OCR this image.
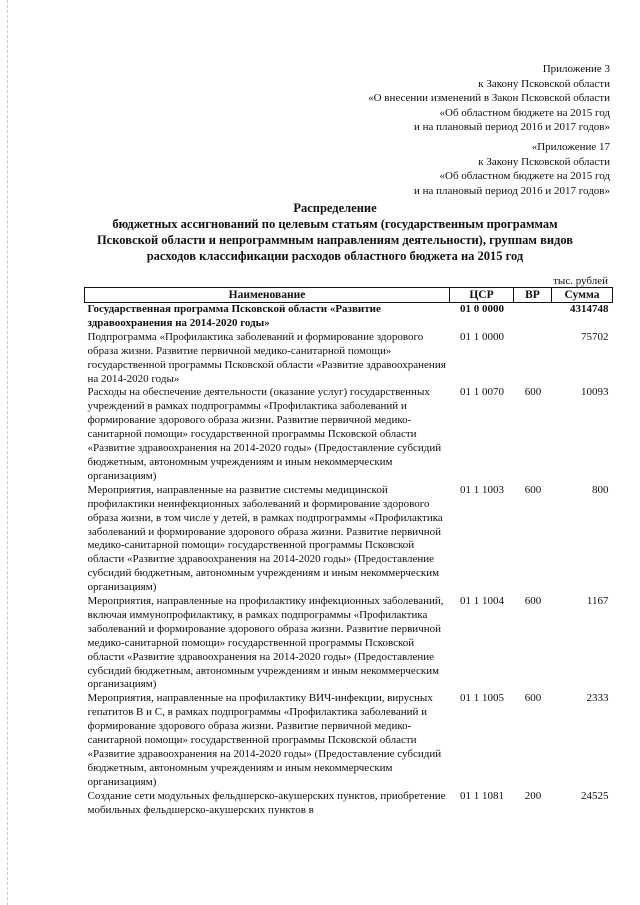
Приложение 3
к Закону Псковской области
«О внесении изменений в Закон Псковской области
«Об областном бюджете на 2015 год
и на плановый период 2016 и 2017 годов»
«Приложение 17
к Закону Псковской области
«Об областном бюджете на 2015 год
и на плановый период 2016 и 2017 годов»
Распределение
бюджетных ассигнований по целевым статьям (государственным программам
Псковской области и непрограммным направлениям деятельности), группам видов
расходов классификации расходов областного бюджета на 2015 год
тыс. рублей
Наименование	ЦСР	ВР	Сумма
Государственная программа Псковской области «Развитие здравоохранения на 2014-2020 годы»	01 0 0000		4314748
Подпрограмма «Профилактика заболеваний и формирование здорового образа жизни. Развитие первичной медико-санитарной помощи» государственной программы Псковской области «Развитие здравоохранения на 2014-2020 годы»	01 1 0000		75702
Расходы на обеспечение деятельности (оказание услуг) государственных учреждений в рамках подпрограммы «Профилактика заболеваний и формирование здорового образа жизни. Развитие первичной медико-санитарной помощи» государственной программы Псковской области «Развитие здравоохранения на 2014-2020 годы» (Предоставление субсидий бюджетным, автономным учреждениям и иным некоммерческим организациям)	01 1 0070	600	10093
Мероприятия, направленные на развитие системы медицинской профилактики неинфекционных заболеваний и формирование здорового образа жизни, в том числе у детей, в рамках подпрограммы «Профилактика заболеваний и формирование здорового образа жизни. Развитие первичной медико-санитарной помощи» государственной программы Псковской области «Развитие здравоохранения на 2014-2020 годы» (Предоставление субсидий бюджетным, автономным учреждениям и иным некоммерческим организациям)	01 1 1003	600	800
Мероприятия, направленные на профилактику инфекционных заболеваний, включая иммунопрофилактику, в рамках подпрограммы «Профилактика заболеваний и формирование здорового образа жизни. Развитие первичной медико-санитарной помощи» государственной программы Псковской области «Развитие здравоохранения на 2014-2020 годы» (Предоставление субсидий бюджетным, автономным учреждениям и иным некоммерческим организациям)	01 1 1004	600	1167
Мероприятия, направленные на профилактику ВИЧ-инфекции, вирусных гепатитов В и С, в рамках подпрограммы «Профилактика заболеваний и формирование здорового образа жизни. Развитие первичной медико-санитарной помощи» государственной программы Псковской области «Развитие здравоохранения на 2014-2020 годы» (Предоставление субсидий бюджетным, автономным учреждениям и иным некоммерческим организациям)	01 1 1005	600	2333
Создание сети модульных фельдшерско-акушерских пунктов, приобретение мобильных фельдшерско-акушерских пунктов в	01 1 1081	200	24525
